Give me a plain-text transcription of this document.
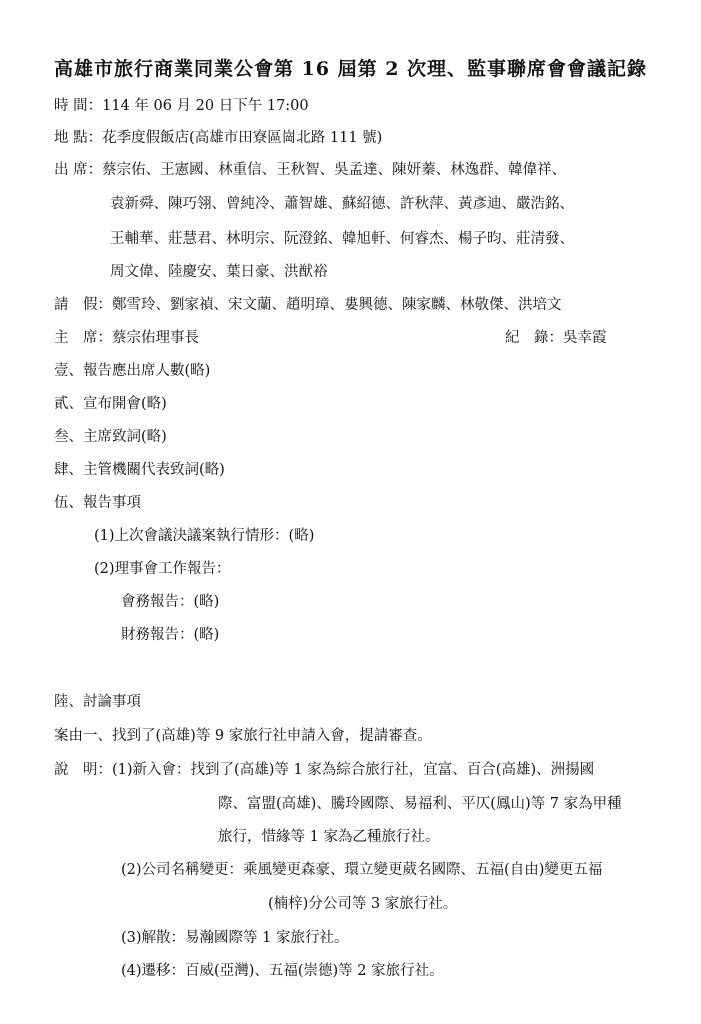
高雄市旅行商業同業公會第 16 屆第 2 次理、監事聯席會會議記錄
時 間：114 年 06 月 20 日下午 17:00
地 點：花季度假飯店(高雄市田寮區崗北路 111 號)
出 席：蔡宗佑、王憲國、林重信、王秋智、吳孟達、陳妍蓁、林逸群、韓偉祥、
袁新舜、陳巧翎、曾純冷、蕭智雄、蘇紹德、許秋萍、黃彥迪、嚴浩銘、
王輔華、莊慧君、林明宗、阮澄銘、韓旭軒、何睿杰、楊子昀、莊清發、
周文偉、陸慶安、葉日豪、洪猷裕
請　假：鄭雪玲、劉家禎、宋文蘭、趙明璋、婁興德、陳家麟、林敬傑、洪培文
主　席：蔡宗佑理事長	紀　錄：吳幸霞
壹、報告應出席人數(略)
貳、宣布開會(略)
叁、主席致詞(略)
肆、主管機關代表致詞(略)
伍、報告事項
(1)上次會議決議案執行情形：(略)
(2)理事會工作報告：
會務報告：(略)
財務報告：(略)
陸、討論事項
案由一、找到了(高雄)等 9 家旅行社申請入會，提請審查。
說　明：(1)新入會：找到了(高雄)等 1 家為綜合旅行社，宜富、百合(高雄)、洲揚國
際、富盟(高雄)、騰玲國際、易福利、平仄(鳳山)等 7 家為甲種
旅行，惜緣等 1 家為乙種旅行社。
(2)公司名稱變更：乘風變更森豪、環立變更葳名國際、五福(自由)變更五福
(楠梓)分公司等 3 家旅行社。
(3)解散：易瀚國際等 1 家旅行社。
(4)遷移：百威(亞灣)、五福(崇德)等 2 家旅行社。
